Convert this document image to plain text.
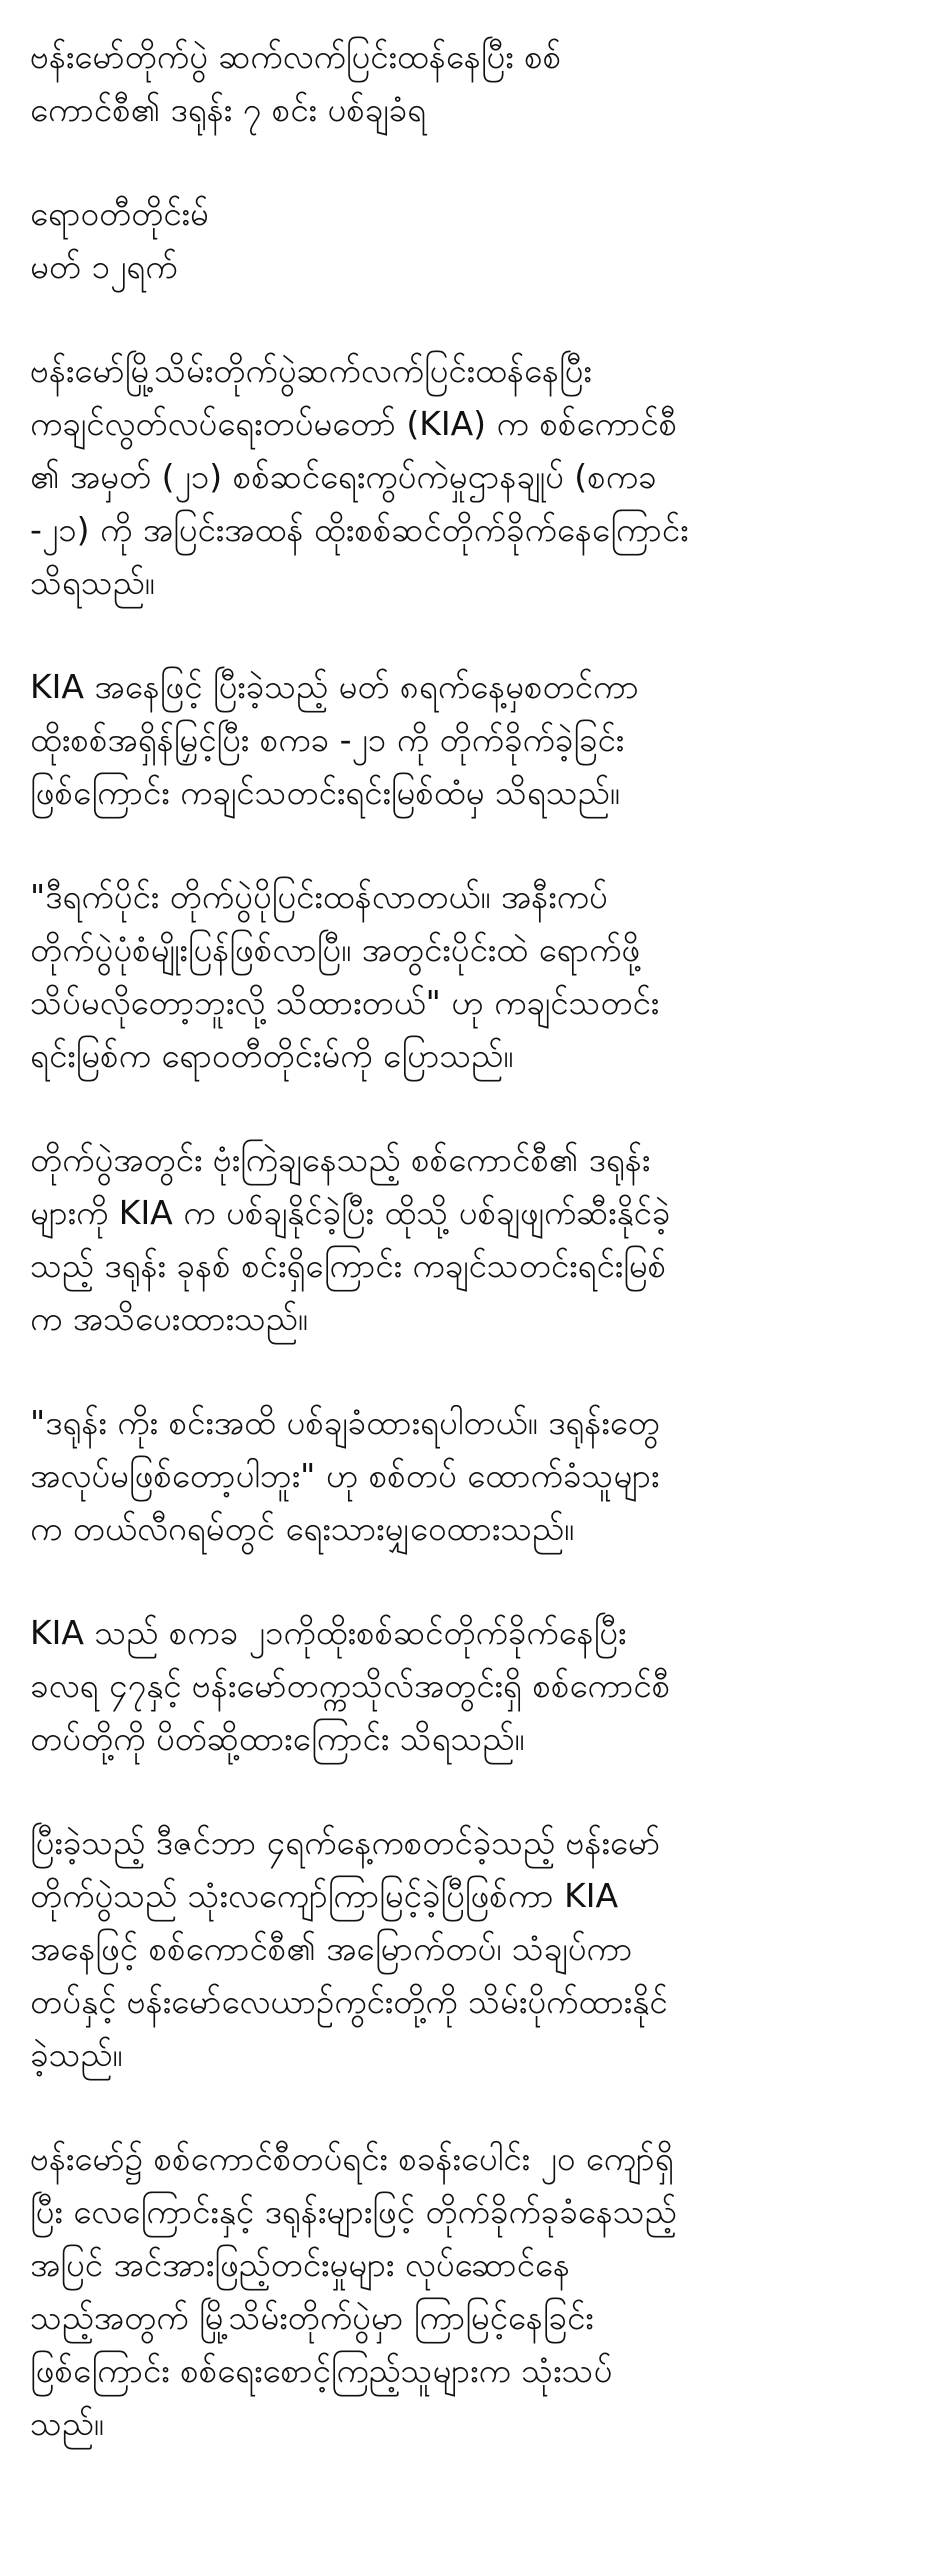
ဗန်းမော်တိုက်ပွဲ ဆက်လက်ပြင်းထန်နေပြီး စစ်
ကောင်စီ၏ ဒရုန်း ၇ စင်း ပစ်ချခံရ
ရောဝတီတိုင်းမ်
မတ် ၁၂ရက်
ဗန်းမော်မြို့သိမ်းတိုက်ပွဲဆက်လက်ပြင်းထန်နေပြီး
ကချင်လွတ်လပ်ရေးတပ်မတော် (KIA) က စစ်ကောင်စီ
၏ အမှတ် (၂၁) စစ်ဆင်ရေးကွပ်ကဲမှုဌာနချုပ် (စကခ
-၂၁) ကို အပြင်းအထန် ထိုးစစ်ဆင်တိုက်ခိုက်နေကြောင်း
သိရသည်။
KIA အနေဖြင့် ပြီးခဲ့သည့် မတ် ၈ရက်နေ့မှစတင်ကာ
ထိုးစစ်အရှိန်မြှင့်ပြီး စကခ -၂၁ ကို တိုက်ခိုက်ခဲ့ခြင်း
ဖြစ်ကြောင်း ကချင်သတင်းရင်းမြစ်ထံမှ သိရသည်။
"ဒီရက်ပိုင်း တိုက်ပွဲပိုပြင်းထန်လာတယ်။ အနီးကပ်
တိုက်ပွဲပုံစံမျိုးပြန်ဖြစ်လာပြီ။ အတွင်းပိုင်းထဲ ရောက်ဖို့
သိပ်မလိုတော့ဘူးလို့ သိထားတယ်" ဟု ကချင်သတင်း
ရင်းမြစ်က ရောဝတီတိုင်းမ်ကို ပြောသည်။
တိုက်ပွဲအတွင်း ဗုံးကြဲချနေသည့် စစ်ကောင်စီ၏ ဒရုန်း
များကို KIA က ပစ်ချနိုင်ခဲ့ပြီး ထိုသို့ ပစ်ချဖျက်ဆီးနိုင်ခဲ့
သည့် ဒရုန်း ခုနစ် စင်းရှိကြောင်း ကချင်သတင်းရင်းမြစ်
က အသိပေးထားသည်။
"ဒရုန်း ကိုး စင်းအထိ ပစ်ချခံထားရပါတယ်။ ဒရုန်းတွေ
အလုပ်မဖြစ်တော့ပါဘူး" ဟု စစ်တပ် ထောက်ခံသူများ
က တယ်လီဂရမ်တွင် ရေးသားမျှဝေထားသည်။
KIA သည် စကခ ၂၁ကိုထိုးစစ်ဆင်တိုက်ခိုက်နေပြီး
ခလရ ၄၇နှင့် ဗန်းမော်တက္ကသိုလ်အတွင်းရှိ စစ်ကောင်စီ
တပ်တို့ကို ပိတ်ဆို့ထားကြောင်း သိရသည်။
ပြီးခဲ့သည့် ဒီဇင်ဘာ ၄ရက်နေ့ကစတင်ခဲ့သည့် ဗန်းမော်
တိုက်ပွဲသည် သုံးလကျော်ကြာမြင့်ခဲ့ပြီဖြစ်ကာ KIA
အနေဖြင့် စစ်ကောင်စီ၏ အမြောက်တပ်၊ သံချပ်ကာ
တပ်နှင့် ဗန်းမော်လေယာဉ်ကွင်းတို့ကို သိမ်းပိုက်ထားနိုင်
ခဲ့သည်။
ဗန်းမော်၌ စစ်ကောင်စီတပ်ရင်း စခန်းပေါင်း ၂၀ ကျော်ရှိ
ပြီး လေကြောင်းနှင့် ဒရုန်းများဖြင့် တိုက်ခိုက်ခုခံနေသည့်
အပြင် အင်အားဖြည့်တင်းမှုများ လုပ်ဆောင်နေ
သည့်အတွက် မြို့သိမ်းတိုက်ပွဲမှာ ကြာမြင့်နေခြင်း
ဖြစ်ကြောင်း စစ်ရေးစောင့်ကြည့်သူများက သုံးသပ်
သည်။
